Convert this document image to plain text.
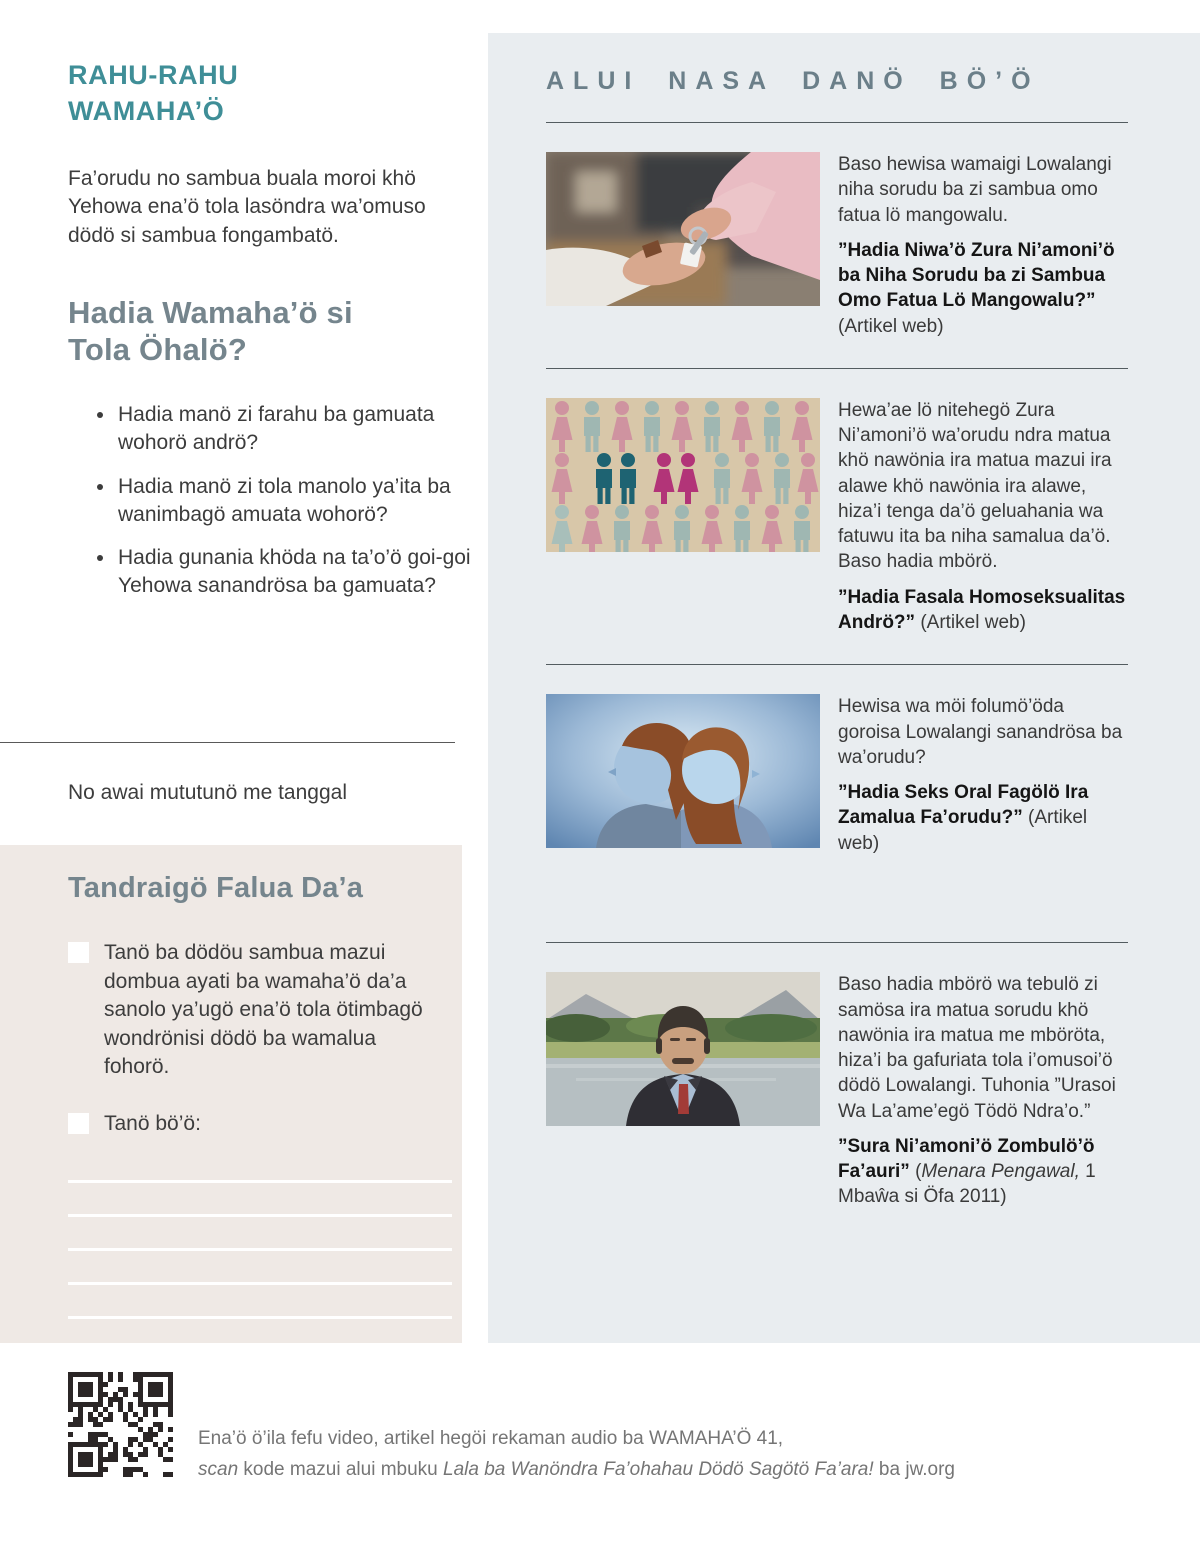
RAHU-RAHU WAMAHA’Ö

Fa’orudu no sambua buala moroi khö Yehowa ena’ö tola lasöndra wa’omuso dödö si sambua fongambatö.

Hadia Wamaha’ö si Tola Öhalö?
• Hadia manö zi farahu ba gamuata wohorö andrö?
• Hadia manö zi tola manolo ya’ita ba wanimbagö amuata wohorö?
• Hadia gunania khöda na ta’o’ö goi-goi Yehowa sanandrösa ba gamuata?

No awai mututunö me tanggal

Tandraigö Falua Da’a
Tanö ba dödöu sambua mazui dombua ayati ba wamaha’ö da’a sanolo ya’ugö ena’ö tola ötimbagö wondrönisi dödö ba wamalua fohorö.
Tanö bö’ö:
ALUI NASA DANÖ BÖ’Ö

Baso hewisa wamaigi Lowalangi niha sorudu ba zi sambua omo fatua lö mangowalu.

”Hadia Niwa’ö Zura Ni’amoni’ö ba Niha Sorudu ba zi Sambua Omo Fatua Lö Mangowalu?” (Artikel web)

Hewa’ae lö nitehegö Zura Ni’amoni’ö wa’orudu ndra matua khö nawönia ira matua mazui ira alawe khö nawönia ira alawe, hiza’i tenga da’ö geluahania wa fatuwu ita ba niha samalua da’ö. Baso hadia mbörö.

”Hadia Fasala Homoseksualitas Andrö?” (Artikel web)

Hewisa wa möi folumö’öda goroisa Lowalangi sanandrösa ba wa’orudu?

”Hadia Seks Oral Fagölö Ira Zamalua Fa’orudu?” (Artikel web)

Baso hadia mbörö wa tebulö zi samösa ira matua sorudu khö nawönia ira matua me mböröta, hiza’i ba gafuriata tola i’omusoi’ö dödö Lowalangi. Tuhonia ”Urasoi Wa La’ame’egö Tödö Ndra’o.”

”Sura Ni’amoni’ö Zombulö’ö Fa’auri” (Menara Pengawal, 1 Mbaŵa si Öfa 2011)

Ena’ö ö’ila fefu video, artikel hegöi rekaman audio ba WAMAHA’Ö 41,
scan kode mazui alui mbuku Lala ba Wanöndra Fa’ohahau Dödö Sagötö Fa’ara! ba jw.org
